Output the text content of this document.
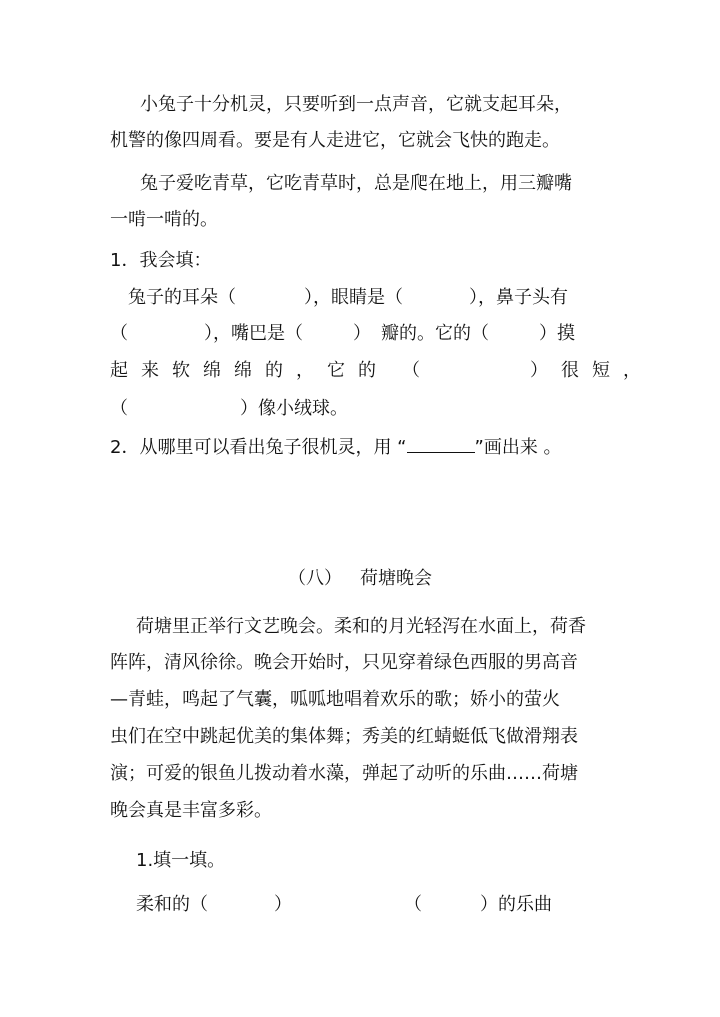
小兔子十分机灵，只要听到一点声音，它就支起耳朵，

机警的像四周看。要是有人走进它，它就会飞快的跑走。

兔子爱吃青草，它吃青草时，总是爬在地上，用三瓣嘴

一啃一啃的。

1．我会填：

兔子的耳朵（	），眼睛是（	），鼻子头有
（	），嘴巴是（	） 瓣的。它的（	）摸
起 来 软 绵 绵 的 ， 它 的 （	） 很 短 ，
（	）像小绒球。
2．从哪里可以看出兔子很机灵，用 “	”画出来 。
（八） 荷塘晚会

荷塘里正举行文艺晚会。柔和的月光轻泻在水面上，荷香

阵阵，清风徐徐。晚会开始时，只见穿着绿色西服的男高音

—青蛙，鸣起了气囊，呱呱地唱着欢乐的歌；娇小的萤火

虫们在空中跳起优美的集体舞；秀美的红蜻蜓低飞做滑翔表

演；可爱的银鱼儿拨动着水藻，弹起了动听的乐曲……荷塘

晚会真是丰富多彩。

1.填一填。

柔和的（	）	（	）的乐曲
